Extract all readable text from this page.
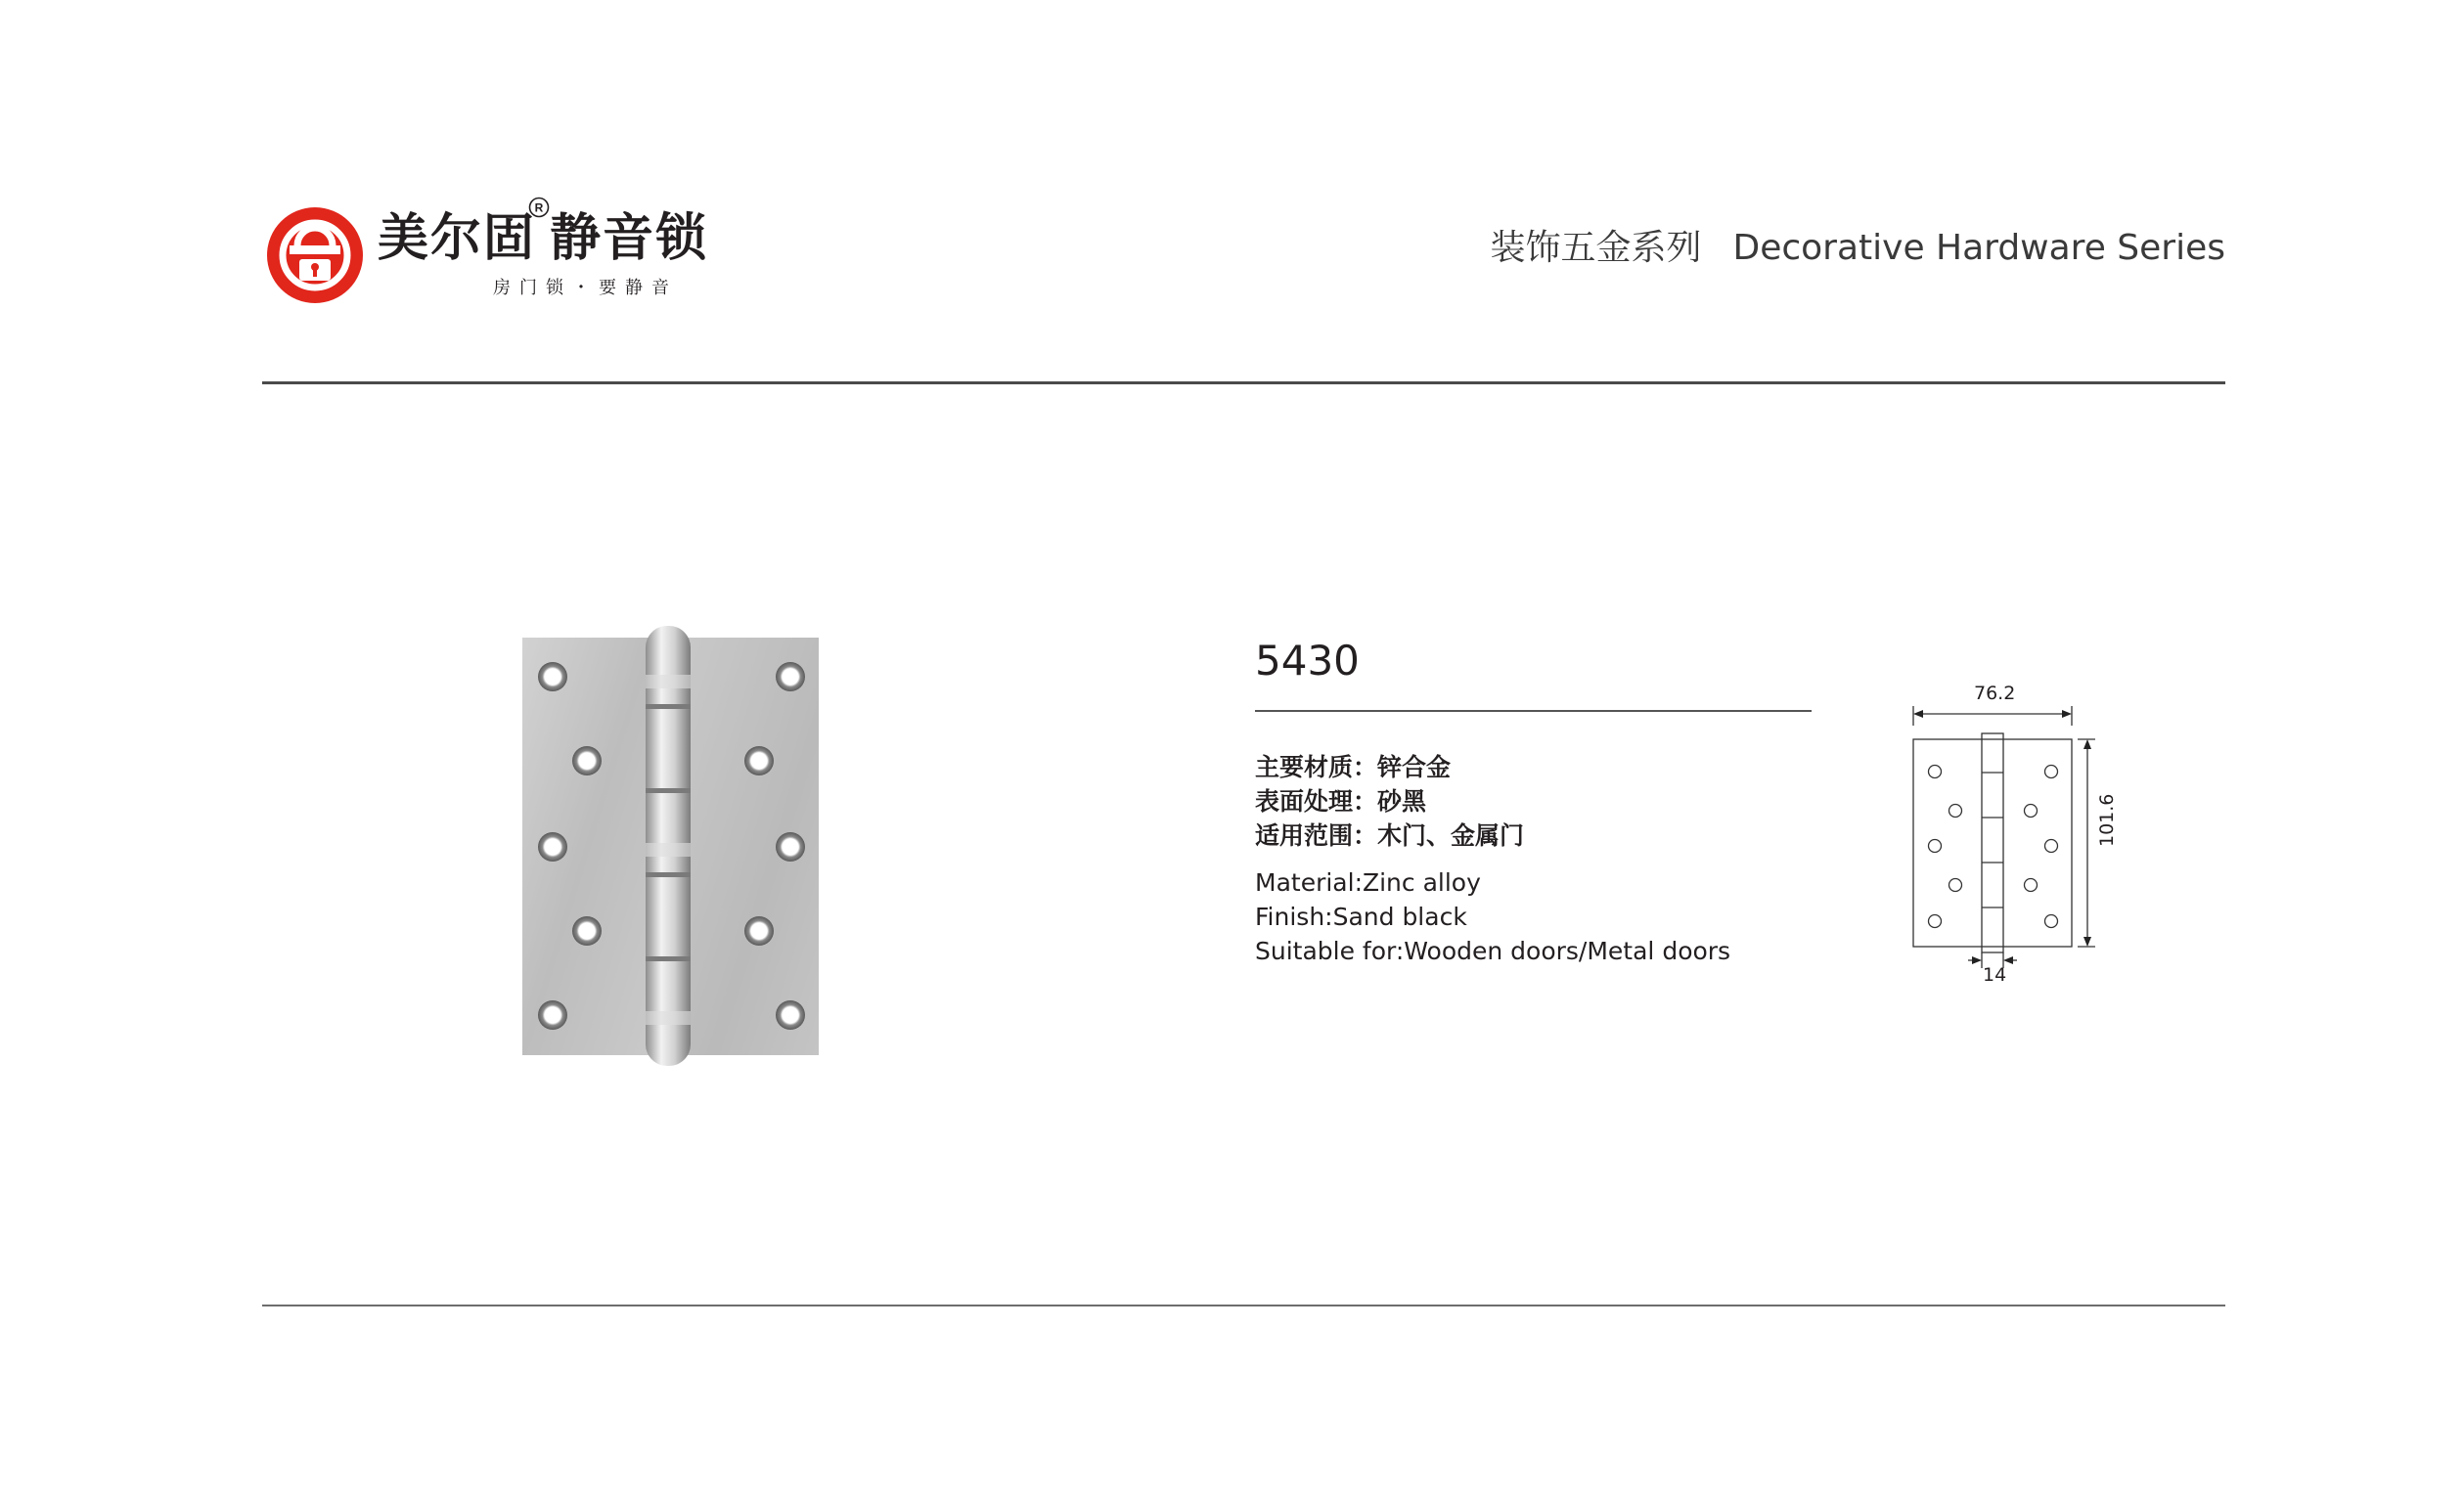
美尔固 静音锁
R
房门锁・要静音
装饰五金系列 Decorative Hardware Series
5430
主要材质：锌合金
表面处理：砂黑
适用范围：木门、金属门
Material:Zinc alloy
Finish:Sand black
Suitable for:Wooden doors/Metal doors
76.2
101.6
14
